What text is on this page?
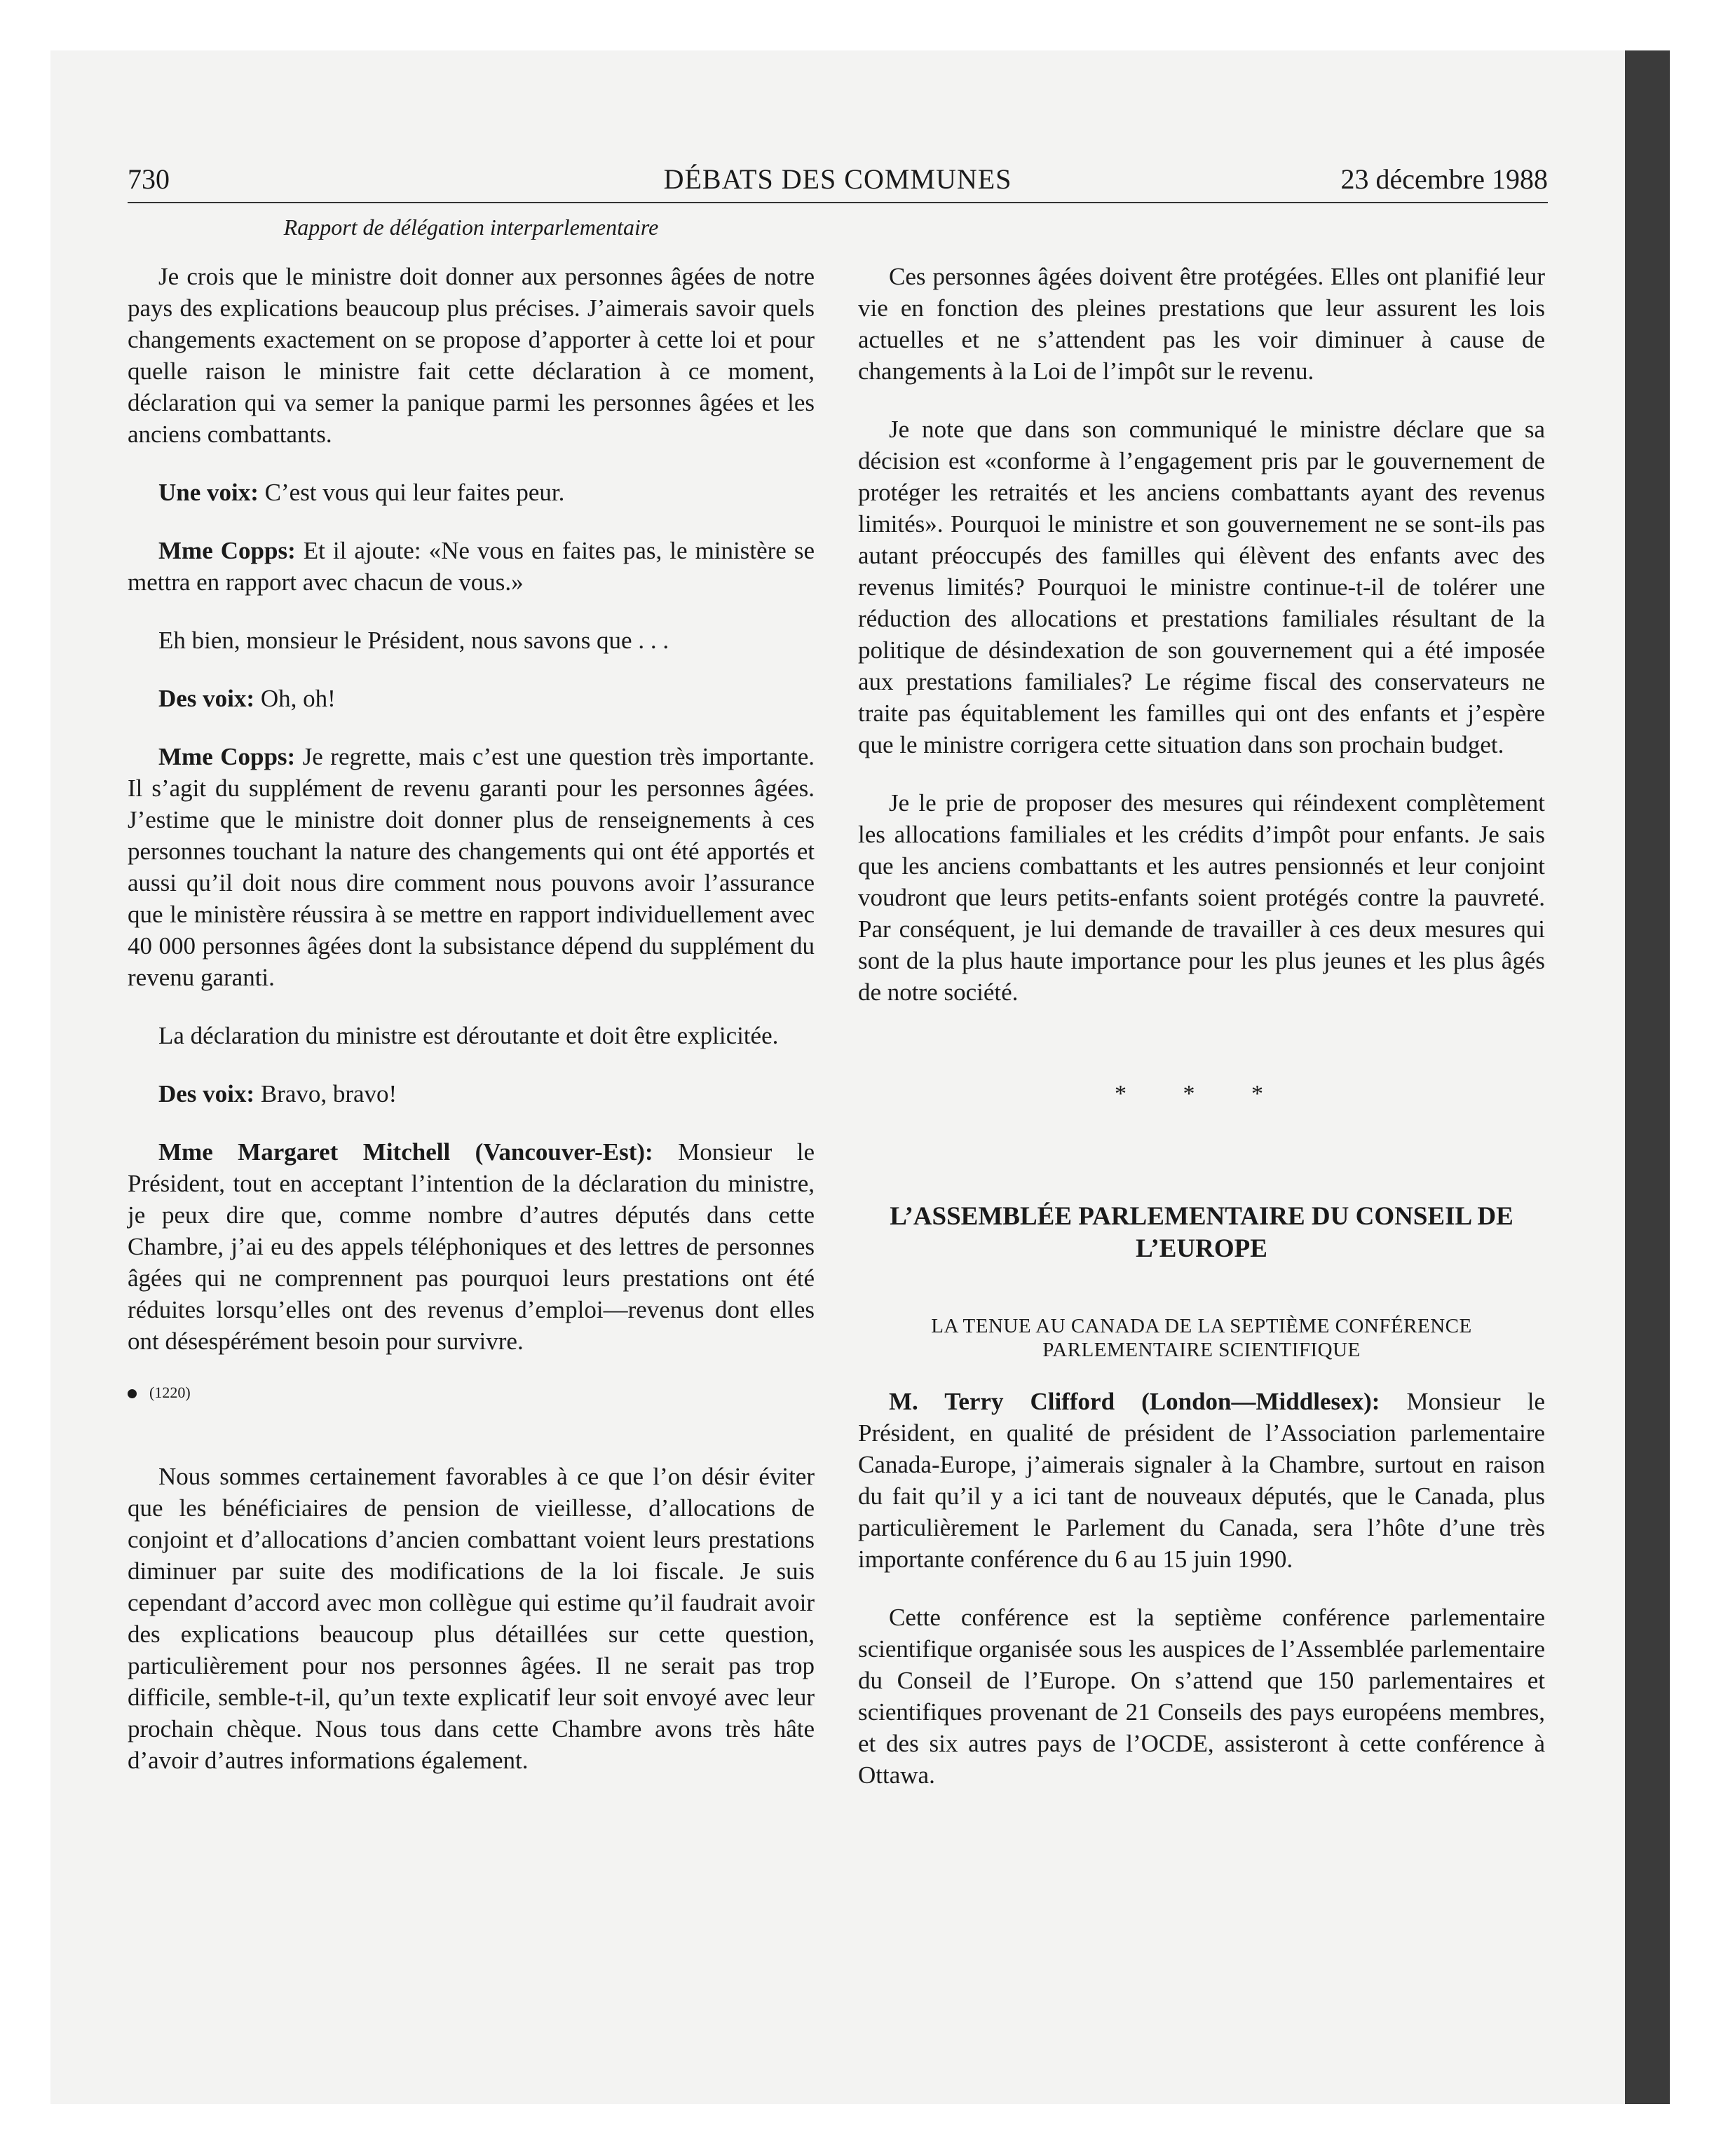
730	DÉBATS DES COMMUNES	23 décembre 1988
Rapport de délégation interparlementaire

Je crois que le ministre doit donner aux personnes âgées de notre pays des explications beaucoup plus précises. J’aimerais savoir quels changements exactement on se propose d’apporter à cette loi et pour quelle raison le ministre fait cette déclaration à ce moment, déclaration qui va semer la panique parmi les personnes âgées et les anciens combattants.

Une voix: C’est vous qui leur faites peur.

Mme Copps: Et il ajoute: «Ne vous en faites pas, le ministère se mettra en rapport avec chacun de vous.»

Eh bien, monsieur le Président, nous savons que . . .

Des voix: Oh, oh!

Mme Copps: Je regrette, mais c’est une question très importante. Il s’agit du supplément de revenu garanti pour les personnes âgées. J’estime que le ministre doit donner plus de renseignements à ces personnes touchant la nature des changements qui ont été apportés et aussi qu’il doit nous dire comment nous pouvons avoir l’assurance que le ministère réussira à se mettre en rapport individuellement avec 40 000 personnes âgées dont la subsistance dépend du supplément du revenu garanti.

La déclaration du ministre est déroutante et doit être explicitée.

Des voix: Bravo, bravo!

Mme Margaret Mitchell (Vancouver-Est): Monsieur le Président, tout en acceptant l’intention de la déclaration du ministre, je peux dire que, comme nombre d’autres députés dans cette Chambre, j’ai eu des appels téléphoniques et des lettres de personnes âgées qui ne comprennent pas pourquoi leurs prestations ont été réduites lorsqu’elles ont des revenus d’emploi—revenus dont elles ont désespérément besoin pour survivre.

(1220)

Nous sommes certainement favorables à ce que l’on désir éviter que les bénéficiaires de pension de vieillesse, d’allocations de conjoint et d’allocations d’ancien combattant voient leurs prestations diminuer par suite des modifications de la loi fiscale. Je suis cependant d’accord avec mon collègue qui estime qu’il faudrait avoir des explications beaucoup plus détaillées sur cette question, particulièrement pour nos personnes âgées. Il ne serait pas trop difficile, semble-t-il, qu’un texte explicatif leur soit envoyé avec leur prochain chèque. Nous tous dans cette Chambre avons très hâte d’avoir d’autres informations également.

Ces personnes âgées doivent être protégées. Elles ont planifié leur vie en fonction des pleines prestations que leur assurent les lois actuelles et ne s’attendent pas les voir diminuer à cause de changements à la Loi de l’impôt sur le revenu.

Je note que dans son communiqué le ministre déclare que sa décision est «conforme à l’engagement pris par le gouvernement de protéger les retraités et les anciens combattants ayant des revenus limités». Pourquoi le ministre et son gouvernement ne se sont-ils pas autant préoccupés des familles qui élèvent des enfants avec des revenus limités? Pourquoi le ministre continue-t-il de tolérer une réduction des allocations et prestations familiales résultant de la politique de désindexation de son gouvernement qui a été imposée aux prestations familiales? Le régime fiscal des conservateurs ne traite pas équitablement les familles qui ont des enfants et j’espère que le ministre corrigera cette situation dans son prochain budget.

Je le prie de proposer des mesures qui réindexent complètement les allocations familiales et les crédits d’impôt pour enfants. Je sais que les anciens combattants et les autres pensionnés et leur conjoint voudront que leurs petits-enfants soient protégés contre la pauvreté. Par conséquent, je lui demande de travailler à ces deux mesures qui sont de la plus haute importance pour les plus jeunes et les plus âgés de notre société.

* * *
L’ASSEMBLÉE PARLEMENTAIRE DU CONSEIL DE L’EUROPE
LA TENUE AU CANADA DE LA SEPTIÈME CONFÉRENCE PARLEMENTAIRE SCIENTIFIQUE

M. Terry Clifford (London—Middlesex): Monsieur le Président, en qualité de président de l’Association parlementaire Canada-Europe, j’aimerais signaler à la Chambre, surtout en raison du fait qu’il y a ici tant de nouveaux députés, que le Canada, plus particulièrement le Parlement du Canada, sera l’hôte d’une très importante conférence du 6 au 15 juin 1990.

Cette conférence est la septième conférence parlementaire scientifique organisée sous les auspices de l’Assemblée parlementaire du Conseil de l’Europe. On s’attend que 150 parlementaires et scientifiques provenant de 21 Conseils des pays européens membres, et des six autres pays de l’OCDE, assisteront à cette conférence à Ottawa.
